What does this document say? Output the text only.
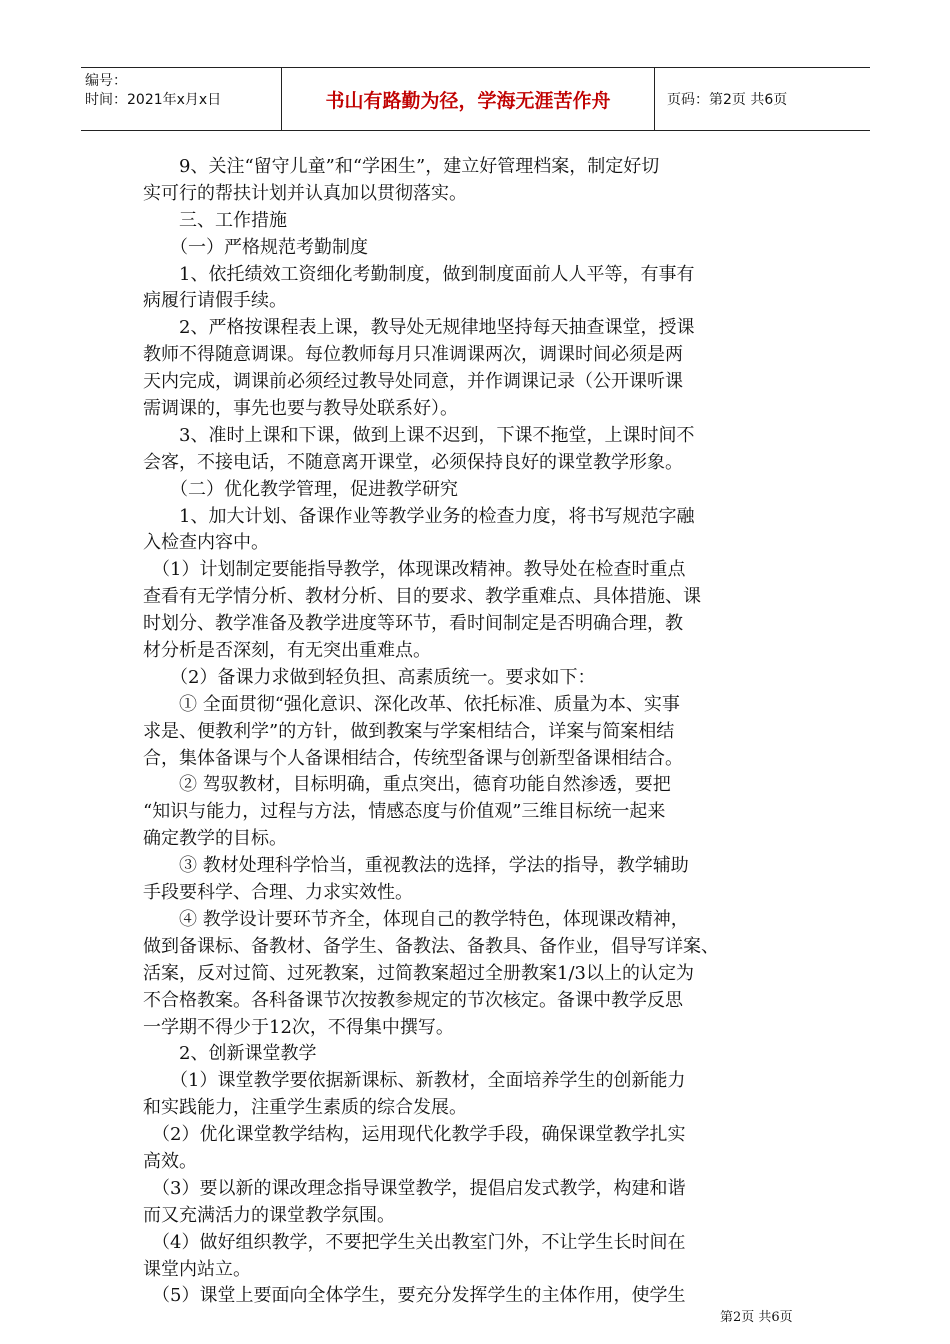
编号：
时间：2021年x月x日	书山有路勤为径，学海无涯苦作舟	页码：第2页 共6页
　　9、关注“留守儿童”和“学困生”，建立好管理档案，制定好切
实可行的帮扶计划并认真加以贯彻落实。
　　三、工作措施
　　（一）严格规范考勤制度
　　1、依托绩效工资细化考勤制度，做到制度面前人人平等，有事有
病履行请假手续。
　　2、严格按课程表上课，教导处无规律地坚持每天抽查课堂，授课
教师不得随意调课。每位教师每月只准调课两次，调课时间必须是两
天内完成，调课前必须经过教导处同意，并作调课记录（公开课听课
需调课的，事先也要与教导处联系好）。
　　3、准时上课和下课，做到上课不迟到，下课不拖堂，上课时间不
会客，不接电话，不随意离开课堂，必须保持良好的课堂教学形象。
　　（二）优化教学管理，促进教学研究
　　1、加大计划、备课作业等教学业务的检查力度，将书写规范字融
入检查内容中。
　（1）计划制定要能指导教学，体现课改精神。教导处在检查时重点
查看有无学情分析、教材分析、目的要求、教学重难点、具体措施、课
时划分、教学准备及教学进度等环节，看时间制定是否明确合理，教
材分析是否深刻，有无突出重难点。
　　（2）备课力求做到轻负担、高素质统一。要求如下：
　　① 全面贯彻“强化意识、深化改革、依托标准、质量为本、实事
求是、便教利学”的方针，做到教案与学案相结合，详案与简案相结
合，集体备课与个人备课相结合，传统型备课与创新型备课相结合。
　　② 驾驭教材，目标明确，重点突出，德育功能自然渗透，要把
“知识与能力，过程与方法，情感态度与价值观”三维目标统一起来
确定教学的目标。
　　③ 教材处理科学恰当，重视教法的选择，学法的指导，教学辅助
手段要科学、合理、力求实效性。
　　④ 教学设计要环节齐全，体现自己的教学特色，体现课改精神，
做到备课标、备教材、备学生、备教法、备教具、备作业，倡导写详案、
活案，反对过简、过死教案，过简教案超过全册教案1/3以上的认定为
不合格教案。各科备课节次按教参规定的节次核定。备课中教学反思
一学期不得少于12次，不得集中撰写。
　　2、创新课堂教学
　　（1）课堂教学要依据新课标、新教材，全面培养学生的创新能力
和实践能力，注重学生素质的综合发展。
　（2）优化课堂教学结构，运用现代化教学手段，确保课堂教学扎实
高效。
　（3）要以新的课改理念指导课堂教学，提倡启发式教学，构建和谐
而又充满活力的课堂教学氛围。
　（4）做好组织教学，不要把学生关出教室门外，不让学生长时间在
课堂内站立。
　（5）课堂上要面向全体学生，要充分发挥学生的主体作用，使学生
第2页 共6页
